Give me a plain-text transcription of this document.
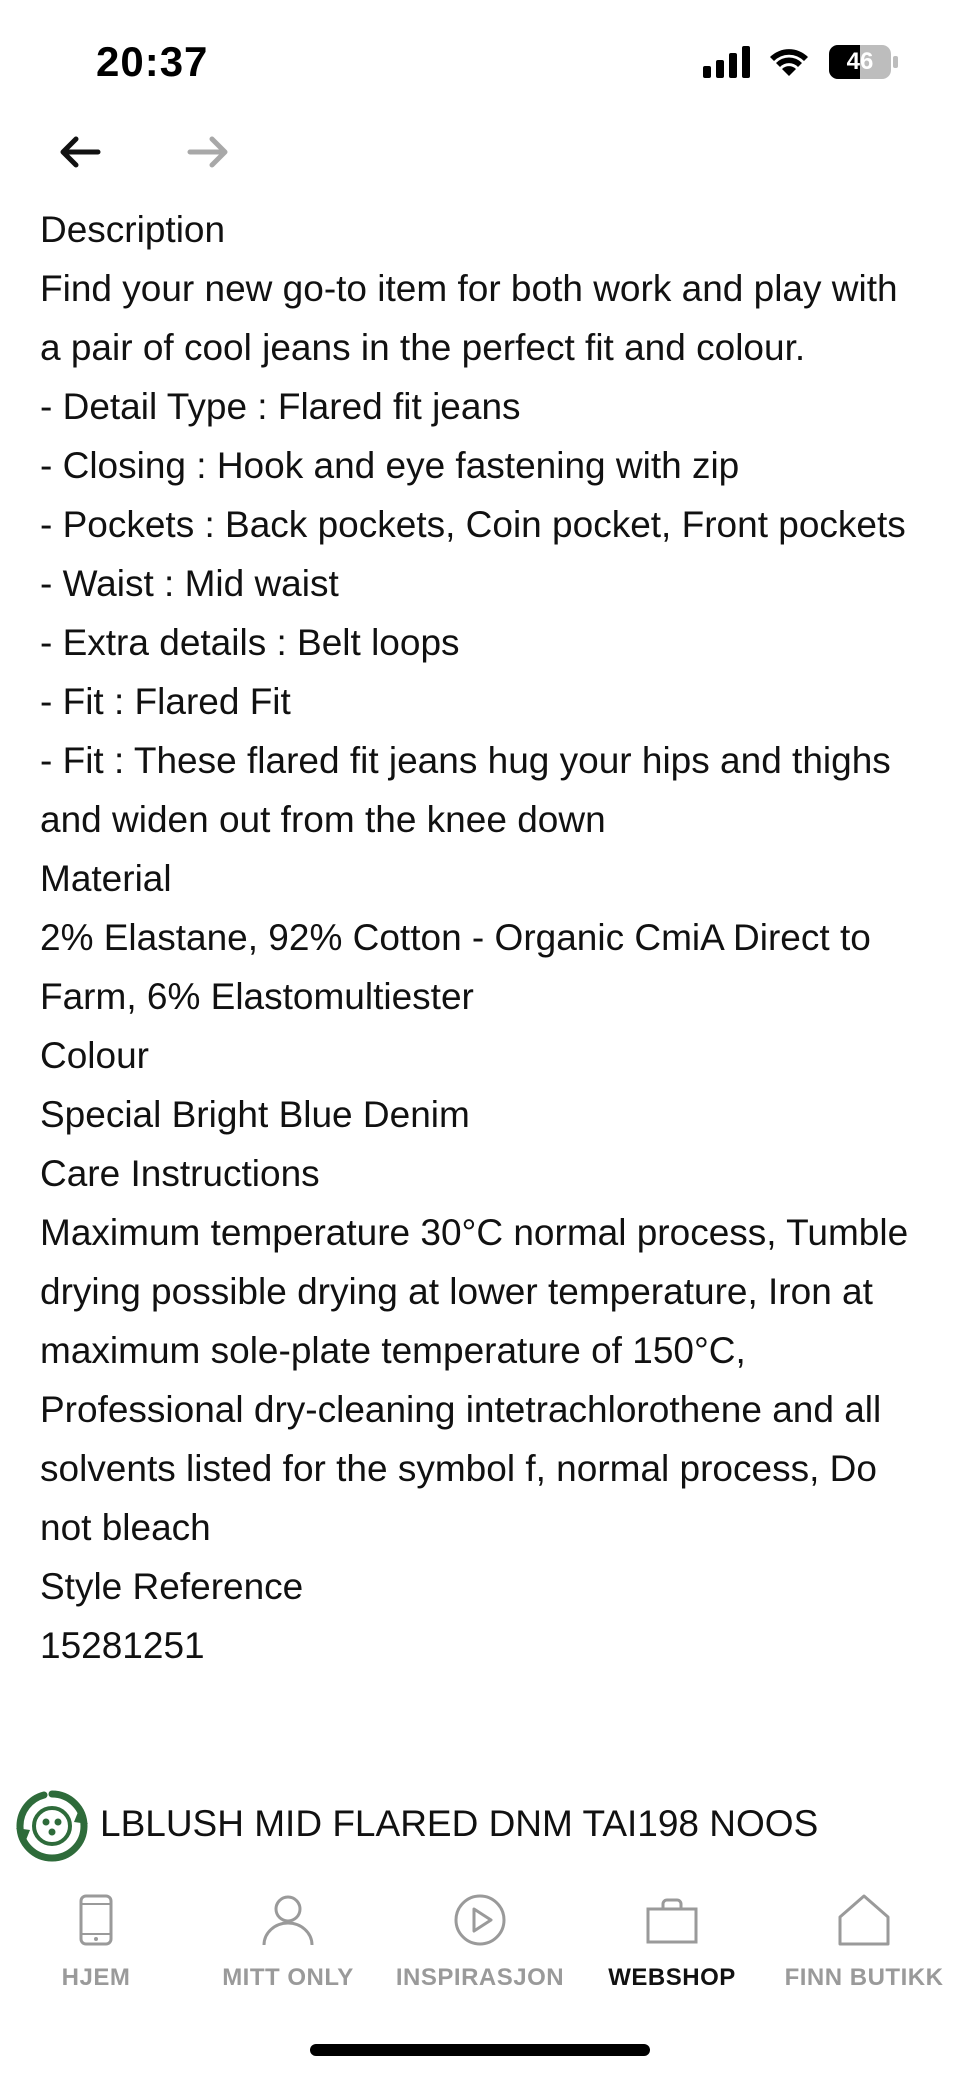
20:37	46

Description

Find your new go-to item for both work and play with a pair of cool jeans in the perfect fit and colour.

- Detail Type : Flared fit jeans

- Closing : Hook and eye fastening with zip

- Pockets : Back pockets, Coin pocket, Front pockets

- Waist : Mid waist

- Extra details : Belt loops

- Fit : Flared Fit

- Fit : These flared fit jeans hug your hips and thighs and widen out from the knee down

Material

2% Elastane, 92% Cotton - Organic CmiA Direct to Farm, 6% Elastomultiester

Colour

Special Bright Blue Denim

Care Instructions

Maximum temperature 30°C normal process, Tumble drying possible drying at lower temperature, Iron at maximum sole-plate temperature of 150°C, Professional dry-cleaning intetrachlorothene and all solvents listed for the symbol f, normal process, Do not bleach

Style Reference

15281251

LBLUSH MID FLARED DNM TAI198 NOOS
HJEM	MITT ONLY INSPIRASJON WEBSHOP FINN BUTIKK
